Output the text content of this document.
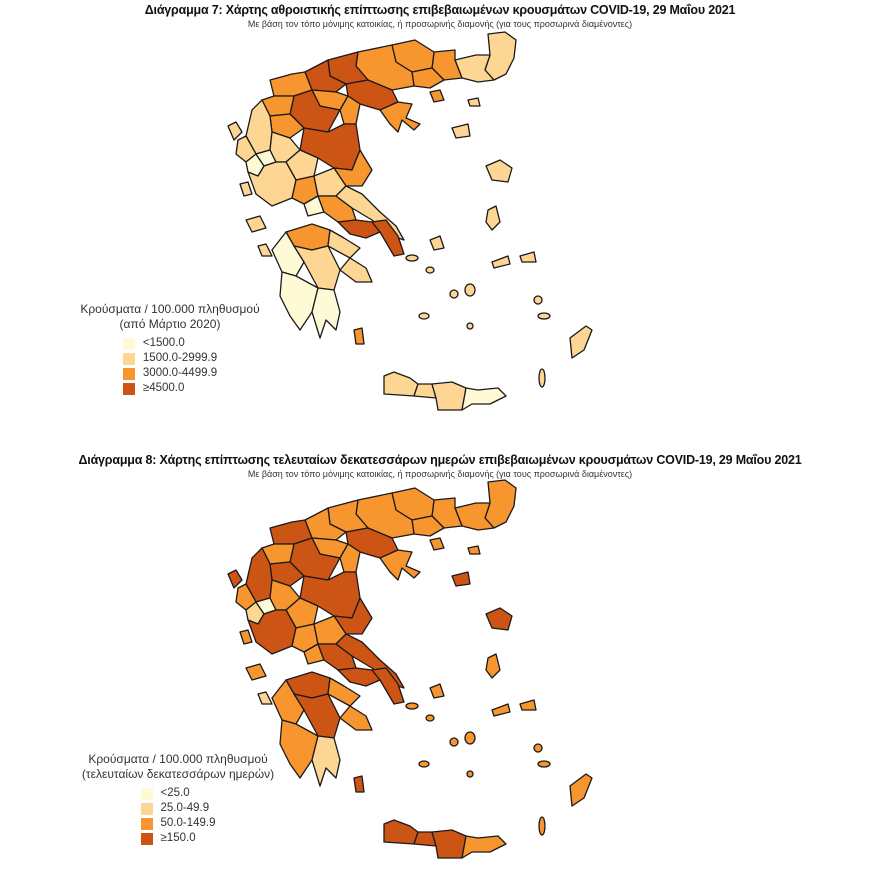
Διάγραμμα 7: Χάρτης αθροιστικής επίπτωσης επιβεβαιωμένων κρουσμάτων COVID-19, 29 Μαΐου 2021
Με βάση τον τόπο μόνιμης κατοικίας, ή προσωρινής διαμονής (για τους προσωρινά διαμένοντες)
Κρούσματα / 100.000 πληθυσμού
(από Μάρτιο 2020)
<1500.0
1500.0-2999.9
3000.0-4499.9
≥4500.0
Διάγραμμα 8: Χάρτης επίπτωσης τελευταίων δεκατεσσάρων ημερών επιβεβαιωμένων κρουσμάτων COVID-19, 29 Μαΐου 2021
Με βάση τον τόπο μόνιμης κατοικίας, ή προσωρινής διαμονής (για τους προσωρινά διαμένοντες)
Κρούσματα / 100.000 πληθυσμού
(τελευταίων δεκατεσσάρων ημερών)
<25.0
25.0-49.9
50.0-149.9
≥150.0
